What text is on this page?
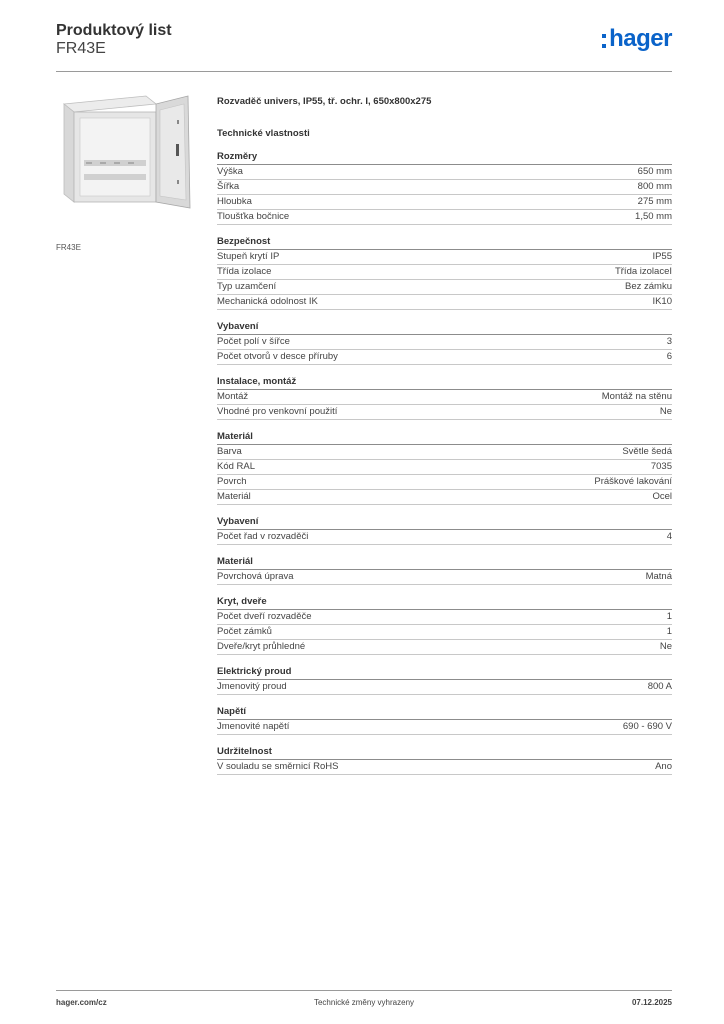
Produktový list
FR43E	hager
FR43E
Rozvaděč univers, IP55, tř. ochr. I, 650x800x275
Technické vlastnosti
Rozměry
Výška	650 mm
Šířka	800 mm
Hloubka	275 mm
Tloušťka bočnice	1,50 mm
Bezpečnost
Stupeň krytí IP	IP55
Třída izolace	Třída izolaceI
Typ uzamčení	Bez zámku
Mechanická odolnost IK	IK10
Vybavení
Počet polí v šířce	3
Počet otvorů v desce příruby	6
Instalace, montáž
Montáž	Montáž na stěnu
Vhodné pro venkovní použití	Ne
Materiál
Barva	Světle šedá
Kód RAL	7035
Povrch	Práškové lakování
Materiál	Ocel
Vybavení
Počet řad v rozvaděči	4
Materiál
Povrchová úprava	Matná
Kryt, dveře
Počet dveří rozvaděče	1
Počet zámků	1
Dveře/kryt průhledné	Ne
Elektrický proud
Jmenovitý proud	800 A
Napětí
Jmenovité napětí	690 - 690 V
Udržitelnost
V souladu se směrnicí RoHS	Ano
hager.com/cz	Technické změny vyhrazeny	07.12.2025
